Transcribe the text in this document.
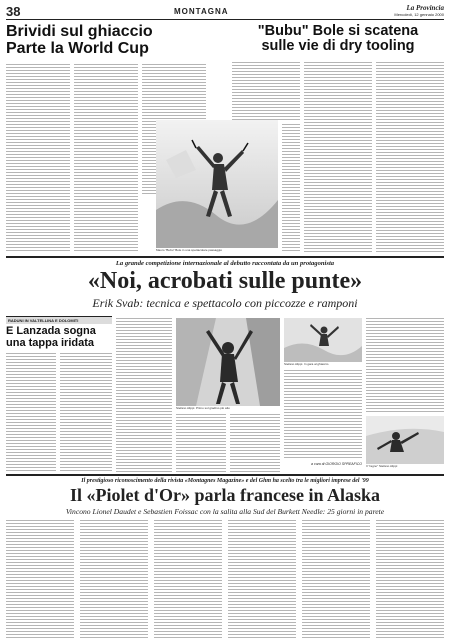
38	MONTAGNA	La Provincia
Mercoledì, 12 gennaio 2000
Brividi sul ghiaccio
Parte la World Cup
Mauro "Bubu" Bole in una spettacolare passaggio
"Bubu" Bole si scatena
sulle vie di dry tooling
La grande competizione internazionale al debutto raccontata da un protagonista
«Noi, acrobati sulle punte»
Erik Svab: tecnica e spettacolo con piccozze e ramponi
RADUNI IN VALTELLINA E DOLOMITI
E Lanzada sogna
una tappa iridata
Stefano Alippi. Primo sul gradino più alto
Stefano Alippi. In gara al ghiaccio
a cura di GIORGIO SPREAFICO Il "ragno" Stefano Alippi
Il prestigioso riconoscimento della rivista «Montagnes Magazine» e del Ghm ha scelto tra le migliori imprese del '99
Il «Piolet d'Or» parla francese in Alaska
Vincono Lionel Daudet e Sebastien Foissac con la salita alla Sud del Burkett Needle: 25 giorni in parete
